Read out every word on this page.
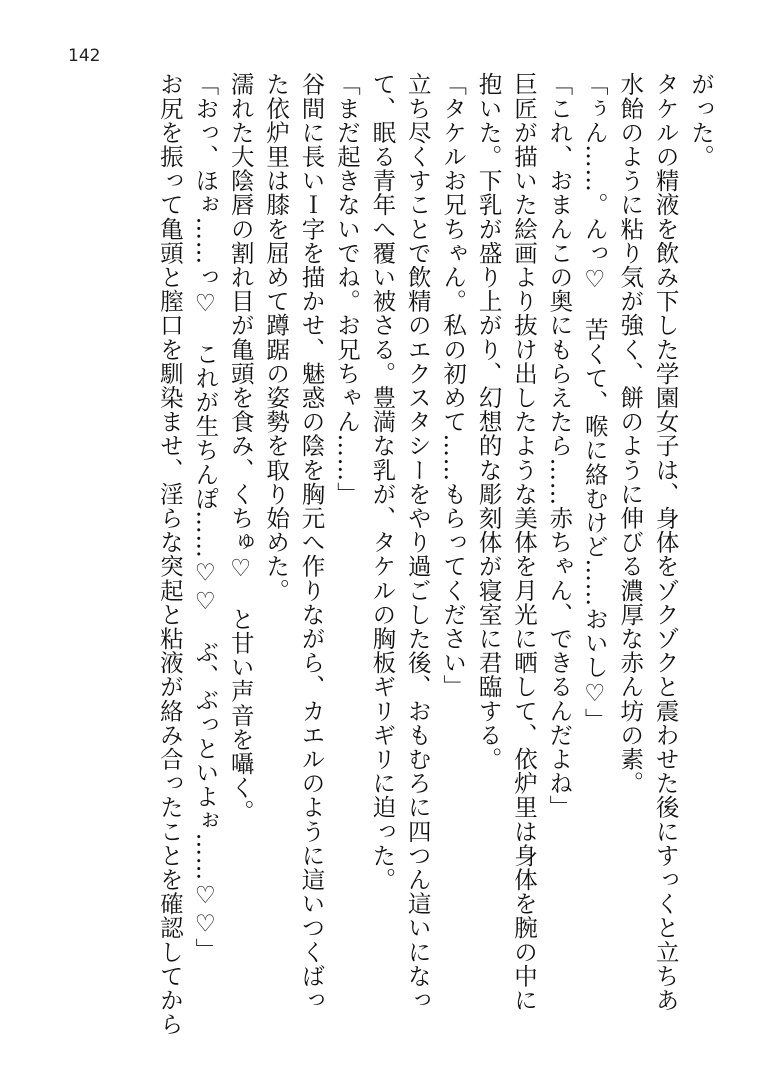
142

がった。

タケルの精液を飲み下した学園女子は、身体をゾクゾクと震わせた後にすっくと立ちあ

水飴のように粘り気が強く、餅のように伸びる濃厚な赤ん坊の素。

「ぅん……。んっ♡　苦くて、喉に絡むけど……おいし♡」

「これ、おまんこの奥にもらえたら……赤ちゃん、できるんだよね」

巨匠が描いた絵画より抜け出したような美体を月光に晒して、依炉里は身体を腕の中に

抱いた。下乳が盛り上がり、幻想的な彫刻体が寝室に君臨する。

「タケルお兄ちゃん。私の初めて……もらってください」

立ち尽くすことで飲精のエクスタシーをやり過ごした後、おもむろに四つん這いになっ

て、眠る青年へ覆い被さる。豊満な乳が、タケルの胸板ギリギリに迫った。

「まだ起きないでね。お兄ちゃん……」

谷間に長いＩ字を描かせ、魅惑の陰を胸元へ作りながら、カエルのように這いつくばっ

た依炉里は膝を屈めて蹲踞の姿勢を取り始めた。

濡れた大陰唇の割れ目が亀頭を食み、くちゅ♡　と甘い声音を囁く。

「おっ、ほぉ……っ♡　これが生ちんぽ……♡♡　ぶ、ぶっといよぉ……♡♡」

お尻を振って亀頭と膣口を馴染ませ、淫らな突起と粘液が絡み合ったことを確認してから
